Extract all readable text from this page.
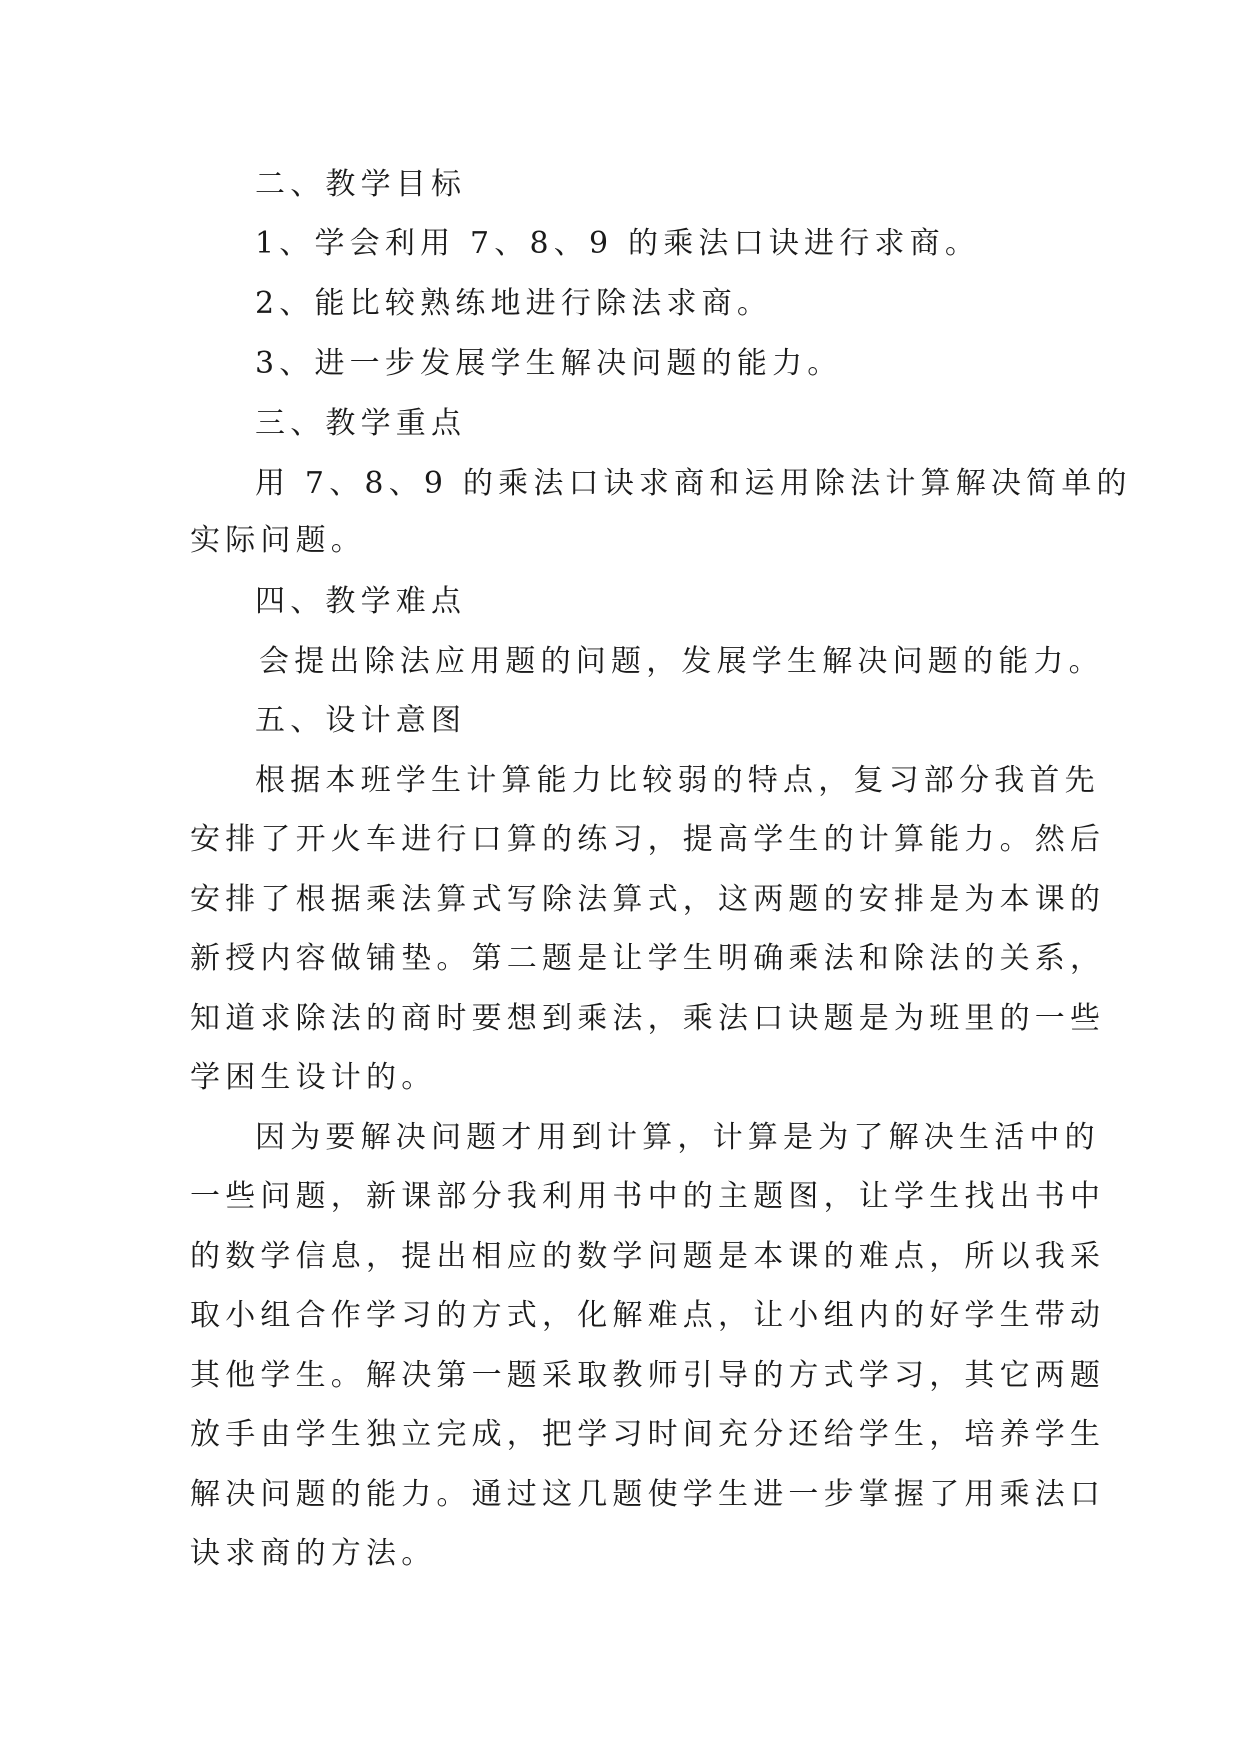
二、教学目标

1、学会利用 7、8、9 的乘法口诀进行求商。

2、能比较熟练地进行除法求商。

3、进一步发展学生解决问题的能力。

三、教学重点

用 7、8、9 的乘法口诀求商和运用除法计算解决简单的

实际问题。

四、教学难点

会提出除法应用题的问题，发展学生解决问题的能力。

五、设计意图

根据本班学生计算能力比较弱的特点，复习部分我首先

安排了开火车进行口算的练习，提高学生的计算能力。然后

安排了根据乘法算式写除法算式，这两题的安排是为本课的

新授内容做铺垫。第二题是让学生明确乘法和除法的关系，

知道求除法的商时要想到乘法，乘法口诀题是为班里的一些

学困生设计的。

因为要解决问题才用到计算，计算是为了解决生活中的

一些问题，新课部分我利用书中的主题图，让学生找出书中

的数学信息，提出相应的数学问题是本课的难点，所以我采

取小组合作学习的方式，化解难点，让小组内的好学生带动

其他学生。解决第一题采取教师引导的方式学习，其它两题

放手由学生独立完成，把学习时间充分还给学生，培养学生

解决问题的能力。通过这几题使学生进一步掌握了用乘法口

诀求商的方法。
